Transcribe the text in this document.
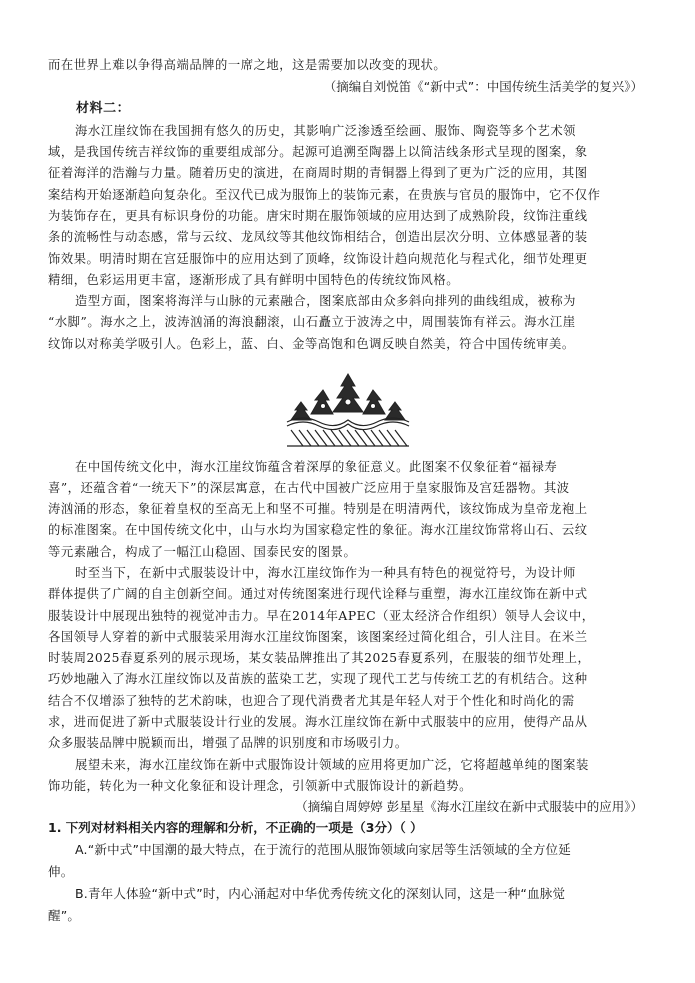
而在世界上难以争得高端品牌的一席之地，这是需要加以改变的现状。
（摘编自刘悦笛《“新中式”：中国传统生活美学的复兴》）
材料二：
海水江崖纹饰在我国拥有悠久的历史，其影响广泛渗透至绘画、服饰、陶瓷等多个艺术领
域，是我国传统吉祥纹饰的重要组成部分。起源可追溯至陶器上以简洁线条形式呈现的图案，象
征着海洋的浩瀚与力量。随着历史的演进，在商周时期的青铜器上得到了更为广泛的应用，其图
案结构开始逐渐趋向复杂化。至汉代已成为服饰上的装饰元素，在贵族与官员的服饰中，它不仅作
为装饰存在，更具有标识身份的功能。唐宋时期在服饰领域的应用达到了成熟阶段，纹饰注重线
条的流畅性与动态感，常与云纹、龙凤纹等其他纹饰相结合，创造出层次分明、立体感显著的装
饰效果。明清时期在宫廷服饰中的应用达到了顶峰，纹饰设计趋向规范化与程式化，细节处理更
精细，色彩运用更丰富，逐渐形成了具有鲜明中国特色的传统纹饰风格。
造型方面，图案将海洋与山脉的元素融合，图案底部由众多斜向排列的曲线组成，被称为
“水脚”。海水之上，波涛汹涌的海浪翻滚，山石矗立于波涛之中，周围装饰有祥云。海水江崖
纹饰以对称美学吸引人。色彩上，蓝、白、金等高饱和色调反映自然美，符合中国传统审美。
在中国传统文化中，海水江崖纹饰蕴含着深厚的象征意义。此图案不仅象征着“福禄寿
喜”，还蕴含着“一统天下”的深层寓意，在古代中国被广泛应用于皇家服饰及宫廷器物。其波
涛汹涌的形态，象征着皇权的至高无上和坚不可摧。特别是在明清两代，该纹饰成为皇帝龙袍上
的标准图案。在中国传统文化中，山与水均为国家稳定性的象征。海水江崖纹饰常将山石、云纹
等元素融合，构成了一幅江山稳固、国泰民安的图景。
时至当下，在新中式服装设计中，海水江崖纹饰作为一种具有特色的视觉符号，为设计师
群体提供了广阔的自主创新空间。通过对传统图案进行现代诠释与重塑，海水江崖纹饰在新中式
服装设计中展现出独特的视觉冲击力。早在2014年APEC（亚太经济合作组织）领导人会议中，
各国领导人穿着的新中式服装采用海水江崖纹饰图案，该图案经过简化组合，引人注目。在米兰
时装周2025春夏系列的展示现场，某女装品牌推出了其2025春夏系列，在服装的细节处理上，
巧妙地融入了海水江崖纹饰以及苗族的蓝染工艺，实现了现代工艺与传统工艺的有机结合。这种
结合不仅增添了独特的艺术韵味，也迎合了现代消费者尤其是年轻人对于个性化和时尚化的需
求，进而促进了新中式服装设计行业的发展。海水江崖纹饰在新中式服装中的应用，使得产品从
众多服装品牌中脱颖而出，增强了品牌的识别度和市场吸引力。
展望未来，海水江崖纹饰在新中式服饰设计领域的应用将更加广泛，它将超越单纯的图案装
饰功能，转化为一种文化象征和设计理念，引领新中式服饰设计的新趋势。
（摘编自周婷婷 彭星星《海水江崖纹在新中式服装中的应用》）
1. 下列对材料相关内容的理解和分析，不正确的一项是（3分）（ ）
A.“新中式”中国潮的最大特点，在于流行的范围从服饰领域向家居等生活领域的全方位延
伸。
B.青年人体验“新中式”时，内心涌起对中华优秀传统文化的深刻认同，这是一种“血脉觉
醒”。
